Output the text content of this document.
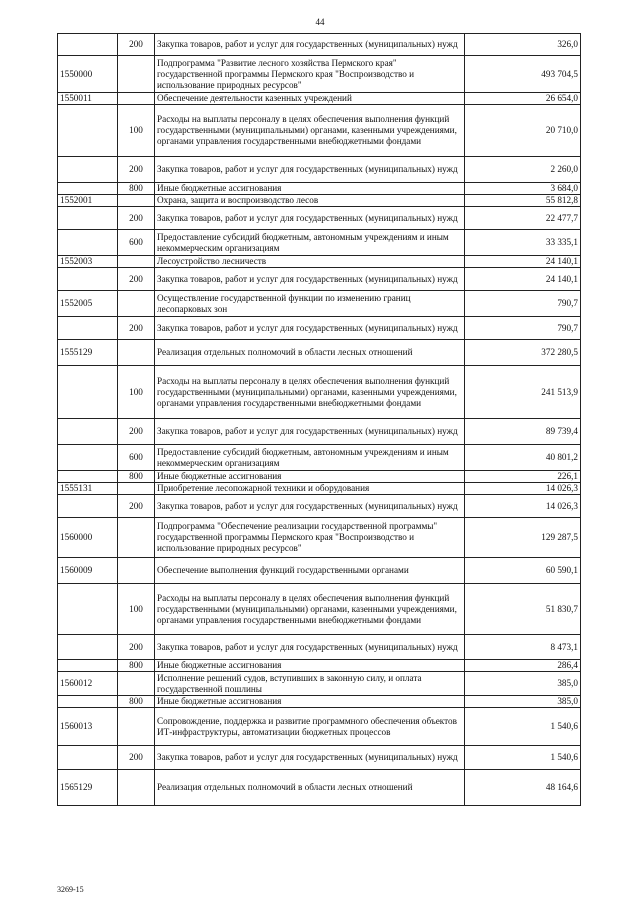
44
	200	Закупка товаров, работ и услуг для государственных (муниципальных) нужд	326,0
1550000		Подпрограмма "Развитие лесного хозяйства Пермского края" государственной программы Пермского края "Воспроизводство и использование природных ресурсов"	493 704,5
1550011		Обеспечение деятельности казенных учреждений	26 654,0
	100	Расходы на выплаты персоналу в целях обеспечения выполнения функций государственными (муниципальными) органами, казенными учреждениями, органами управления государственными внебюджетными фондами	20 710,0
	200	Закупка товаров, работ и услуг для государственных (муниципальных) нужд	2 260,0
	800	Иные бюджетные ассигнования	3 684,0
1552001		Охрана, защита и воспроизводство лесов	55 812,8
	200	Закупка товаров, работ и услуг для государственных (муниципальных) нужд	22 477,7
	600	Предоставление субсидий бюджетным, автономным учреждениям и иным некоммерческим организациям	33 335,1
1552003		Лесоустройство лесничеств	24 140,1
	200	Закупка товаров, работ и услуг для государственных (муниципальных) нужд	24 140,1
1552005		Осуществление государственной функции по изменению границ лесопарковых зон	790,7
	200	Закупка товаров, работ и услуг для государственных (муниципальных) нужд	790,7
1555129		Реализация отдельных полномочий в области лесных отношений	372 280,5
	100	Расходы на выплаты персоналу в целях обеспечения выполнения функций государственными (муниципальными) органами, казенными учреждениями, органами управления государственными внебюджетными фондами	241 513,9
	200	Закупка товаров, работ и услуг для государственных (муниципальных) нужд	89 739,4
	600	Предоставление субсидий бюджетным, автономным учреждениям и иным некоммерческим организациям	40 801,2
	800	Иные бюджетные ассигнования	226,1
1555131		Приобретение лесопожарной техники и оборудования	14 026,3
	200	Закупка товаров, работ и услуг для государственных (муниципальных) нужд	14 026,3
1560000		Подпрограмма "Обеспечение реализации государственной программы" государственной программы Пермского края "Воспроизводство и использование природных ресурсов"	129 287,5
1560009		Обеспечение выполнения функций государственными органами	60 590,1
	100	Расходы на выплаты персоналу в целях обеспечения выполнения функций государственными (муниципальными) органами, казенными учреждениями, органами управления государственными внебюджетными фондами	51 830,7
	200	Закупка товаров, работ и услуг для государственных (муниципальных) нужд	8 473,1
	800	Иные бюджетные ассигнования	286,4
1560012		Исполнение решений судов, вступивших в законную силу, и оплата государственной пошлины	385,0
	800	Иные бюджетные ассигнования	385,0
1560013		Сопровождение, поддержка и развитие программного обеспечения объектов ИТ-инфраструктуры, автоматизации бюджетных процессов	1 540,6
	200	Закупка товаров, работ и услуг для государственных (муниципальных) нужд	1 540,6
1565129		Реализация отдельных полномочий в области лесных отношений	48 164,6
3269-15
